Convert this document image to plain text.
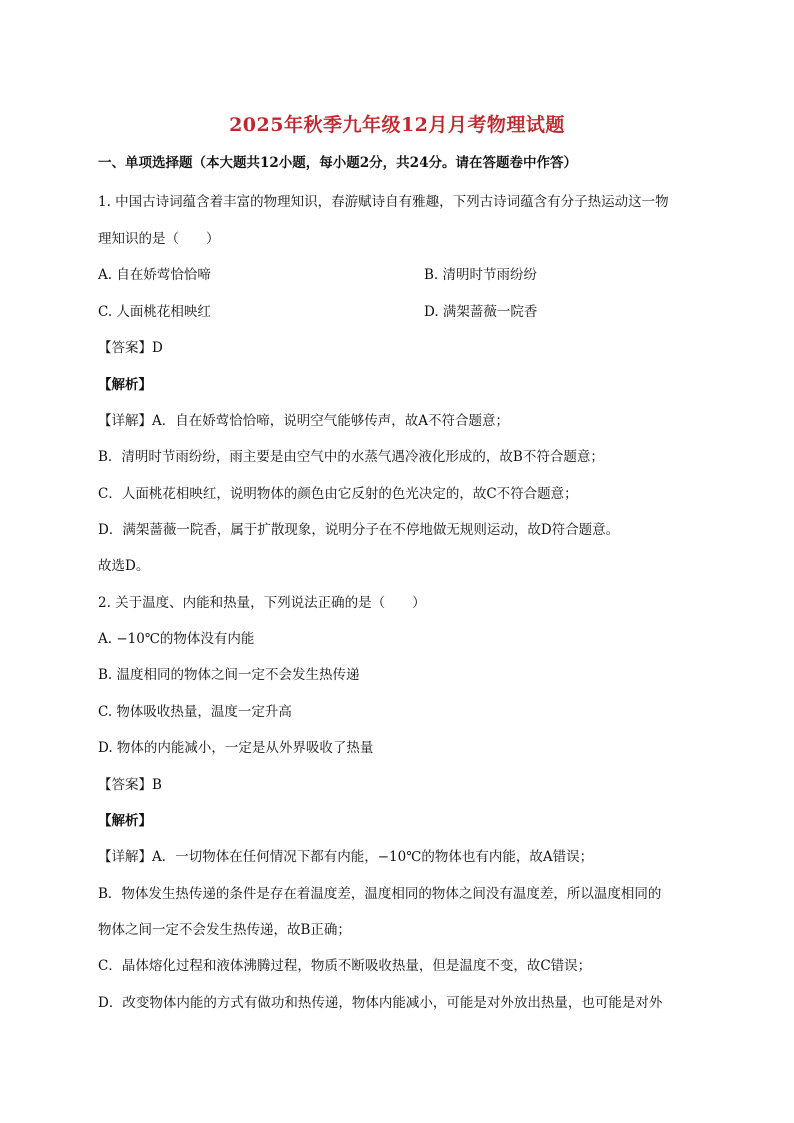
2025年秋季九年级12月月考物理试题
一、单项选择题（本大题共12小题，每小题2分，共24分。请在答题卷中作答）
1. 中国古诗词蕴含着丰富的物理知识，春游赋诗自有雅趣，下列古诗词蕴含有分子热运动这一物
理知识的是（　　）
A. 自在娇莺恰恰啼	B. 清明时节雨纷纷
C. 人面桃花相映红	D. 满架蔷薇一院香
【答案】D
【解析】
【详解】A．自在娇莺恰恰啼，说明空气能够传声，故A不符合题意；
B．清明时节雨纷纷，雨主要是由空气中的水蒸气遇冷液化形成的，故B不符合题意；
C．人面桃花相映红，说明物体的颜色由它反射的色光决定的，故C不符合题意；
D．满架蔷薇一院香，属于扩散现象，说明分子在不停地做无规则运动，故D符合题意。
故选D。
2. 关于温度、内能和热量，下列说法正确的是（　　）
A. −10℃的物体没有内能
B. 温度相同的物体之间一定不会发生热传递
C. 物体吸收热量，温度一定升高
D. 物体的内能减小，一定是从外界吸收了热量
【答案】B
【解析】
【详解】A．一切物体在任何情况下都有内能，−10℃的物体也有内能，故A错误；
B．物体发生热传递的条件是存在着温度差，温度相同的物体之间没有温度差，所以温度相同的
物体之间一定不会发生热传递，故B正确；
C．晶体熔化过程和液体沸腾过程，物质不断吸收热量，但是温度不变，故C错误；
D．改变物体内能的方式有做功和热传递，物体内能减小，可能是对外放出热量，也可能是对外
